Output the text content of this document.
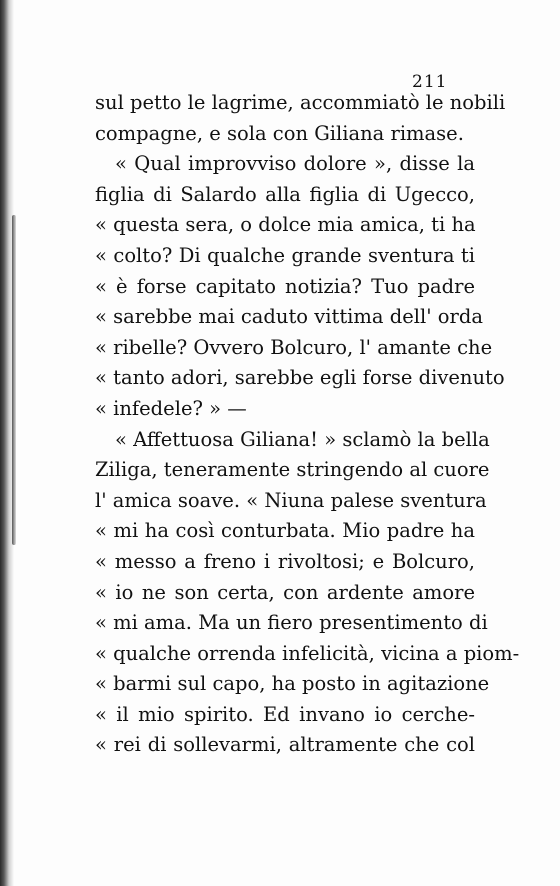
211
sul petto le lagrime, accommiatò le nobili
compagne, e sola con Giliana rimase.
« Qual improvviso dolore », disse la
figlia di Salardo alla figlia di Ugecco,
« questa sera, o dolce mia amica, ti ha
« colto? Di qualche grande sventura ti
« è forse capitato notizia? Tuo padre
« sarebbe mai caduto vittima dell' orda
« ribelle? Ovvero Bolcuro, l' amante che
« tanto adori, sarebbe egli forse divenuto
« infedele? » —
« Affettuosa Giliana! » sclamò la bella
Ziliga, teneramente stringendo al cuore
l' amica soave. « Niuna palese sventura
« mi ha così conturbata. Mio padre ha
« messo a freno i rivoltosi; e Bolcuro,
« io ne son certa, con ardente amore
« mi ama. Ma un fiero presentimento di
« qualche orrenda infelicità, vicina a piom-
« barmi sul capo, ha posto in agitazione
« il mio spirito. Ed invano io cerche-
« rei di sollevarmi, altramente che col
